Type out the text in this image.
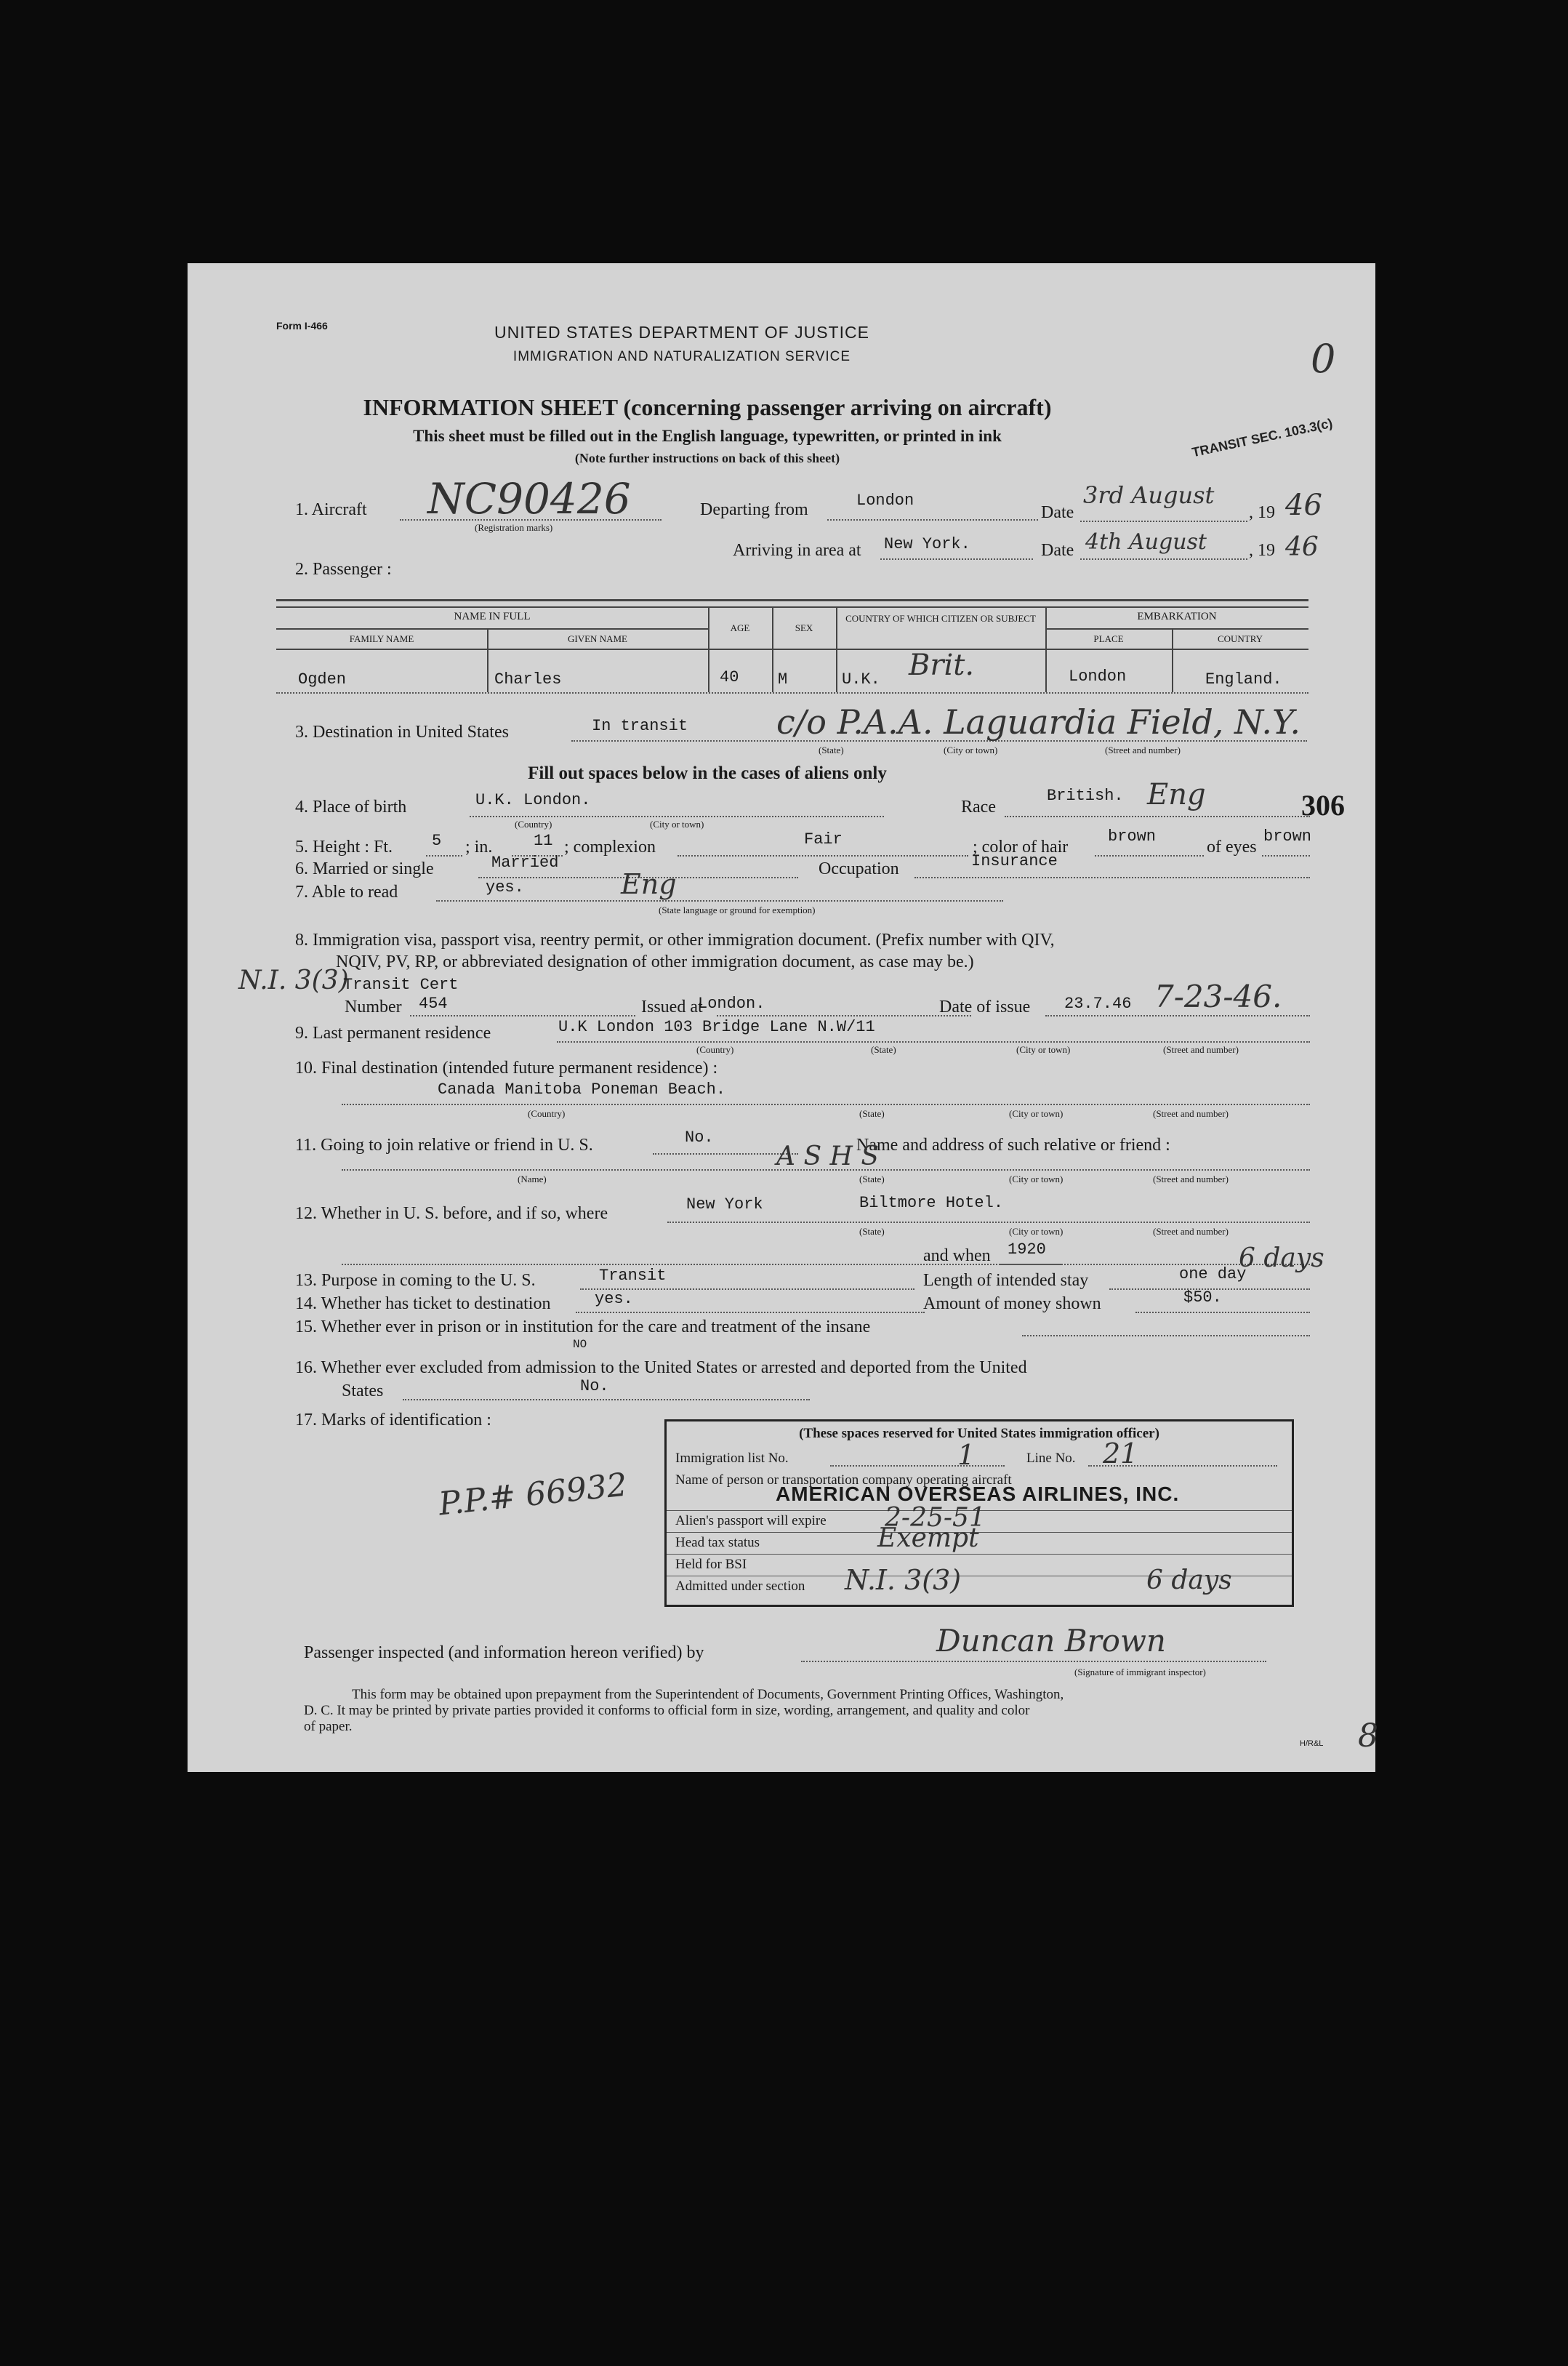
Form I-466	UNITED STATES DEPARTMENT OF JUSTICE
IMMIGRATION AND NATURALIZATION SERVICE	0
INFORMATION SHEET (concerning passenger arriving on aircraft)
This sheet must be filled out in the English language, typewritten, or printed in ink
(Note further instructions on back of this sheet)	TRANSIT SEC. 103.3(c)
1. Aircraft NC90426
(Registration marks)
Departing from	London
Date
3rd August
, 19 46
Arriving in area at New York.	Date 4th August , 19 46
2. Passenger :
NAME IN FULL
FAMILY NAME	GIVEN NAME
AGE	SEX
COUNTRY OF WHICH CITIZEN OR SUBJECT	EMBARKATION
PLACE	COUNTRY
Ogden	Charles	40 M	U.K. Brit.	London	England.
3. Destination in United States	In transit	c/o P.A.A. Laguardia Field, N.Y.
(State)	(City or town)	(Street and number)
Fill out spaces below in the cases of aliens only
4. Place of birth	U.K. London.
(Country)	(City or town)
Race
British. Eng	306
5. Height : Ft. 5 ; in.	11 ; complexion	Fair	; color of hair
brown
of eyes
brown
6. Married or single	Married	Occupation	Insurance
7. Able to read	yes.	Eng
(State language or ground for exemption)
8. Immigration visa, passport visa, reentry permit, or other immigration document. (Prefix number with QIV,
NQIV, PV, RP, or abbreviated designation of other immigration document, as case may be.)
N.I. 3(3)
Transit Cert
Number 454	Issued at
London.	Date of issue 23.7.46 7-23-46.
9. Last permanent residence	U.K London 103 Bridge Lane N.W/11
(Country)	(State)	(City or town)	(Street and number)
10. Final destination (intended future permanent residence) :
Canada Manitoba Poneman Beach.
(Country)	(State)	(City or town)	(Street and number)
11. Going to join relative or friend in U. S.	No.	Name and address of such relative or friend :
A S H S
(Name)	(State)	(City or town)	(Street and number)
12. Whether in U. S. before, and if so, where	New York	Biltmore Hotel.
(State)	(City or town)	(Street and number)
and when 1920
13. Purpose in coming to the U. S.	Transit	Length of intended stay	one day
6 days
14. Whether has ticket to destination	yes.	Amount of money shown	$50.
15. Whether ever in prison or in institution for the care and treatment of the insane
NO
16. Whether ever excluded from admission to the United States or arrested and deported from the United
States	No.
17. Marks of identification :
P.P.# 66932
(These spaces reserved for United States immigration officer)
Immigration list No.	1	Line No. 21
Name of person or transportation company operating aircraft
AMERICAN OVERSEAS AIRLINES, INC.
Alien's passport will expire 2-25-51
Head tax status	Exempt
Held for BSI
Admitted under section N.I. 3(3)	6 days
Passenger inspected (and information hereon verified) by	Duncan Brown
(Signature of immigrant inspector)
This form may be obtained upon prepayment from the Superintendent of Documents, Government Printing Offices, Washington,
D. C. It may be printed by private parties provided it conforms to official form in size, wording, arrangement, and quality and color
of paper.
H/R&L 8
